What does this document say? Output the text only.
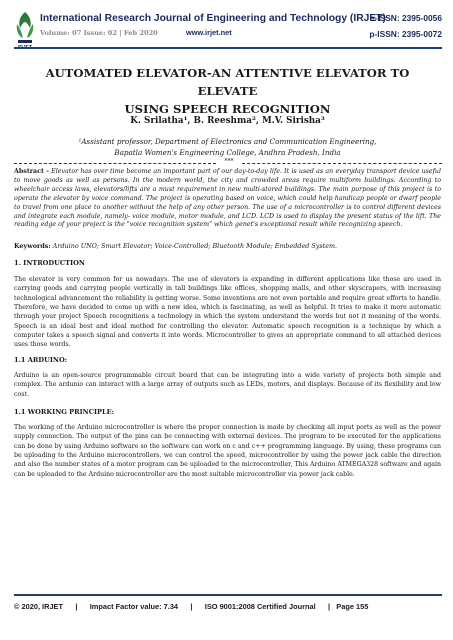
International Research Journal of Engineering and Technology (IRJET)
e-ISSN: 2395-0056
Volume: 07 Issue: 02 | Feb 2020	www.irjet.net	p-ISSN: 2395-0072
AUTOMATED ELEVATOR-AN ATTENTIVE ELEVATOR TO ELEVATE
USING SPEECH RECOGNITION
K. Srilatha¹, B. Reeshma², M.V. Sirisha³
¹Assistant professor, Department of Electronics and Communication Engineering,
Bapatla Women's Engineering College, Andhra Pradesh, India
***
Abstract - Elevator has over time become an important part of our day-to-day life. It is used as an everyday transport device useful to move goods as well as persons. In the modern world, the city and crowded areas require multiform buildings. According to wheelchair access laws, elevators/lifts are a must requirement in new multi-stored buildings. The main purpose of this project is to operate the elevator by voice command. The project is operating based on voice, which could help handicap people or dwarf people to travel from one place to another without the help of any other person. The use of a microcontroller is to control different devices and integrate each module, namely- voice module, motor module, and LCD. LCD is used to display the present status of the lift. The reading edge of your project is the "voice recognition system" which genet's exceptional result while recognizing speech.
Keywords: Arduino UNO; Smart Elevator; Voice-Controlled; Bluetooth Module; Embedded System.
1. INTRODUCTION
The elevator is very common for us nowadays. The use of elevators is expanding in different applications like those are used in carrying goods and carrying people vertically in tall buildings like offices, shopping malls, and other skyscrapers, with increasing technological advancement the reliability is getting worse. Some inventions are not even portable and require great efforts to handle. Therefore, we have decided to come up with a new idea, which is fascinating, as well as helpful. It tries to make it more automatic through your project Speech recognitions a technology in which the system understand the words but not it meaning of the words. Speech is an ideal best and ideal method for controlling the elevator. Automatic speech recognition is a technique by which a computer takes a speech signal and converts it into words. Microcontroller to gives an appropriate command to all attached devices uses those words.
1.1 ARDUINO:
Arduino is an open-source programmable circuit board that can be integrating into a wide variety of projects both simple and complex. The ardunio can interact with a large array of outputs such as LEDs, motors, and displays. Because of its flexibility and low cost.
1.1 WORKING PRINCIPLE:
The working of the Arduino microcontroller is where the proper connection is made by checking all input ports as well as the power supply connection. The output of the pins can be connecting with external devices. The program to be executed for the applications can be done by using Arduino software so the software can work on c and c++ programming language. By using, these programs can be uploading to the Arduino microcontrollers. we can control the speed, microcontroller by using the power jack cable the direction and also the number states of a motor program can be uploaded to the microcontroller, This Arduino ATMEGA328 software and again can be uploaded to the Arduino microcontroller are the most suitable microcontroller via power jack cable.
© 2020, IRJET | Impact Factor value: 7.34 | ISO 9001:2008 Certified Journal | Page 155
